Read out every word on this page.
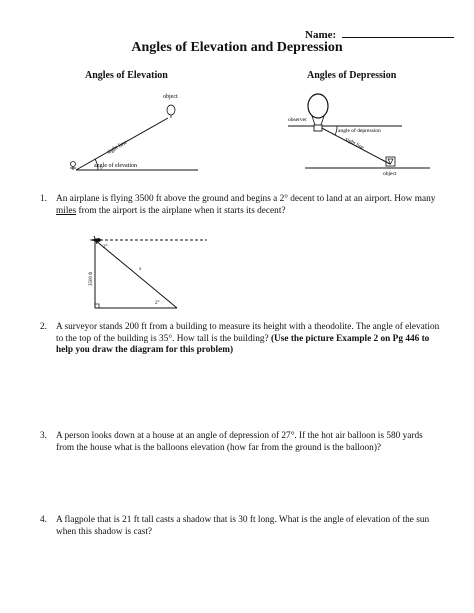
Name:
Angles of Elevation and Depression
Angles of Elevation	Angles of Depression
object
sight line
angle of elevation
observer
angle of depression
sight line
object
1. An airplane is flying 3500 ft above the ground and begins a 2° decent to land at an airport. How many miles from the airport is the airplane when it starts its decent?
2°
2°
x
3500 ft
2. A surveyor stands 200 ft from a building to measure its height with a theodolite. The angle of elevation to the top of the building is 35°. How tall is the building? (Use the picture Example 2 on Pg 446 to help you draw the diagram for this problem)
3. A person looks down at a house at an angle of depression of 27°. If the hot air balloon is 580 yards from the house what is the balloons elevation (how far from the ground is the balloon)?
4. A flagpole that is 21 ft tall casts a shadow that is 30 ft long. What is the angle of elevation of the sun when this shadow is cast?
